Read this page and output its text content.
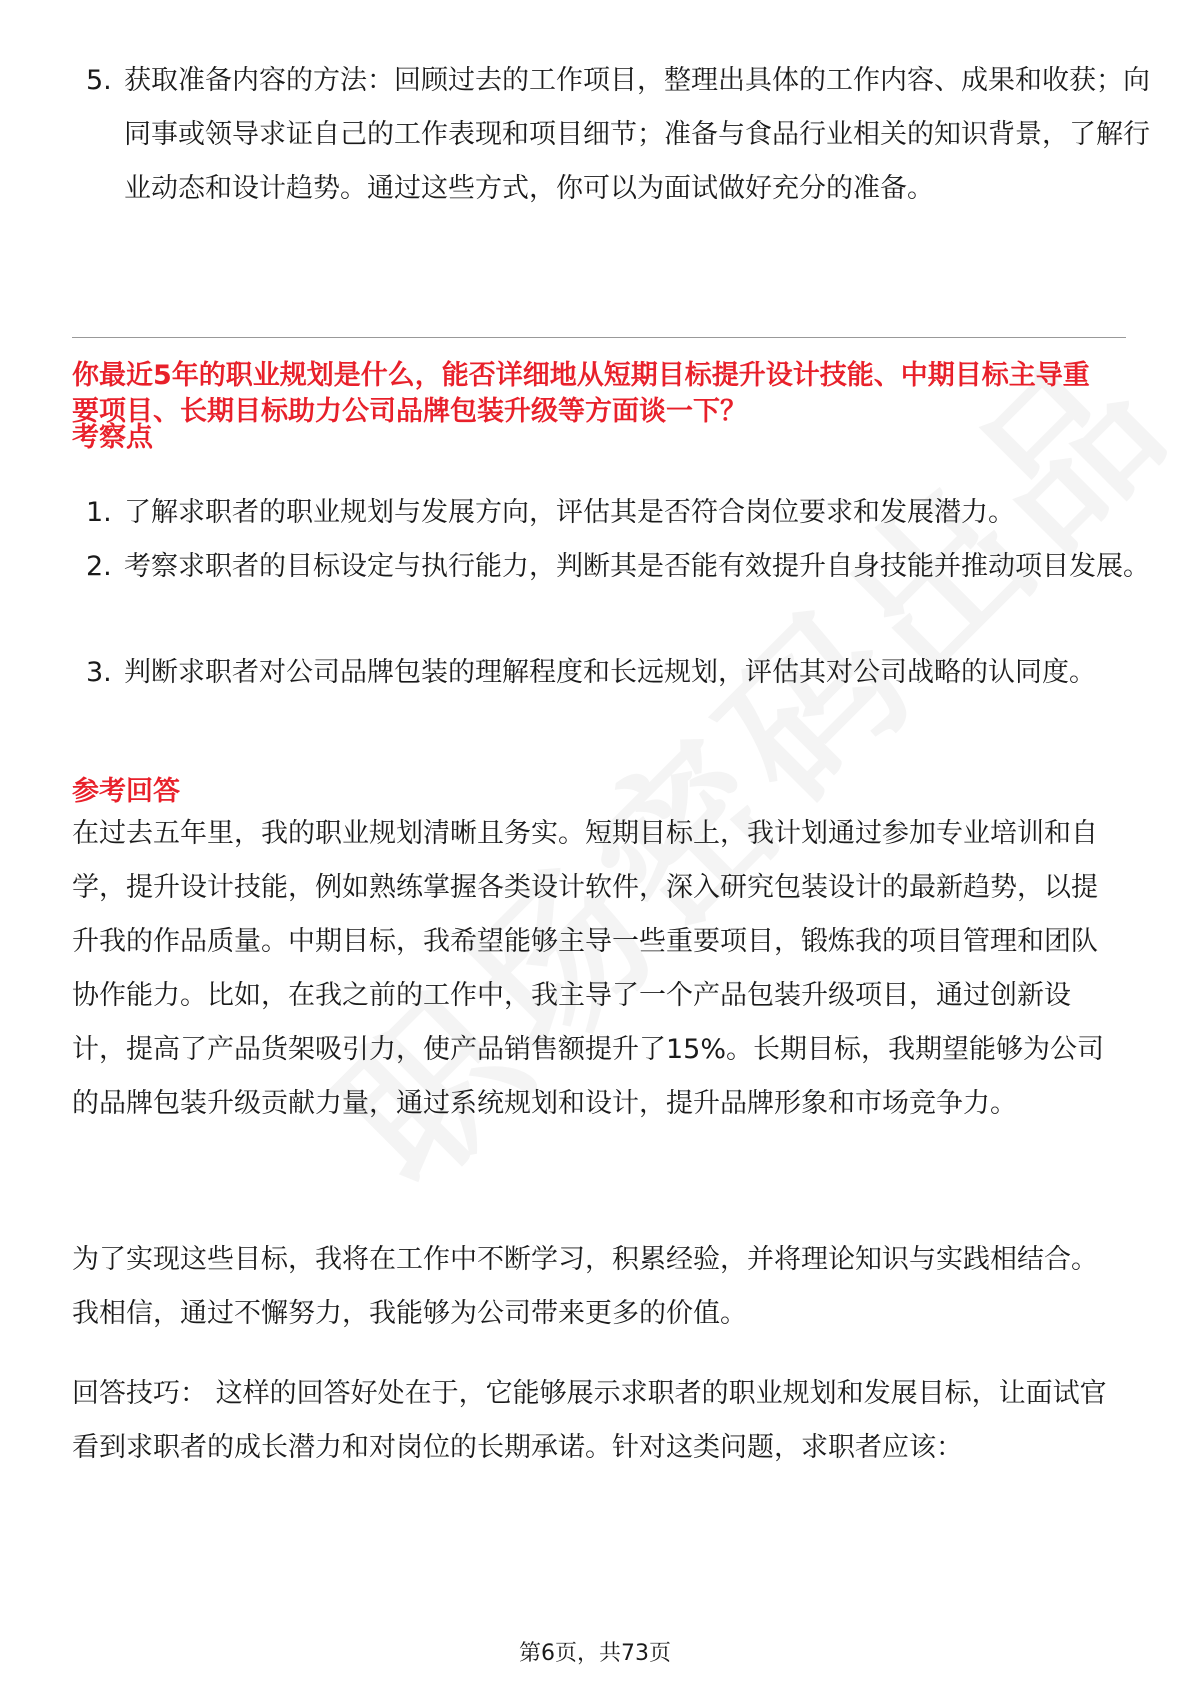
5. 获取准备内容的方法：回顾过去的工作项目，整理出具体的工作内容、成果和收获；向同事或领导求证自己的工作表现和项目细节；准备与食品行业相关的知识背景，了解行业动态和设计趋势。通过这些方式，你可以为面试做好充分的准备。
你最近5年的职业规划是什么，能否详细地从短期目标提升设计技能、中期目标主导重要项目、长期目标助力公司品牌包装升级等方面谈一下？
考察点
1. 了解求职者的职业规划与发展方向，评估其是否符合岗位要求和发展潜力。
2. 考察求职者的目标设定与执行能力，判断其是否能有效提升自身技能并推动项目发展。
3. 判断求职者对公司品牌包装的理解程度和长远规划，评估其对公司战略的认同度。
参考回答
在过去五年里，我的职业规划清晰且务实。短期目标上，我计划通过参加专业培训和自学，提升设计技能，例如熟练掌握各类设计软件，深入研究包装设计的最新趋势，以提升我的作品质量。中期目标，我希望能够主导一些重要项目，锻炼我的项目管理和团队协作能力。比如，在我之前的工作中，我主导了一个产品包装升级项目，通过创新设计，提高了产品货架吸引力，使产品销售额提升了15%。长期目标，我期望能够为公司的品牌包装升级贡献力量，通过系统规划和设计，提升品牌形象和市场竞争力。
为了实现这些目标，我将在工作中不断学习，积累经验，并将理论知识与实践相结合。我相信，通过不懈努力，我能够为公司带来更多的价值。
回答技巧： 这样的回答好处在于，它能够展示求职者的职业规划和发展目标，让面试官看到求职者的成长潜力和对岗位的长期承诺。针对这类问题，求职者应该：
第6页，共73页
